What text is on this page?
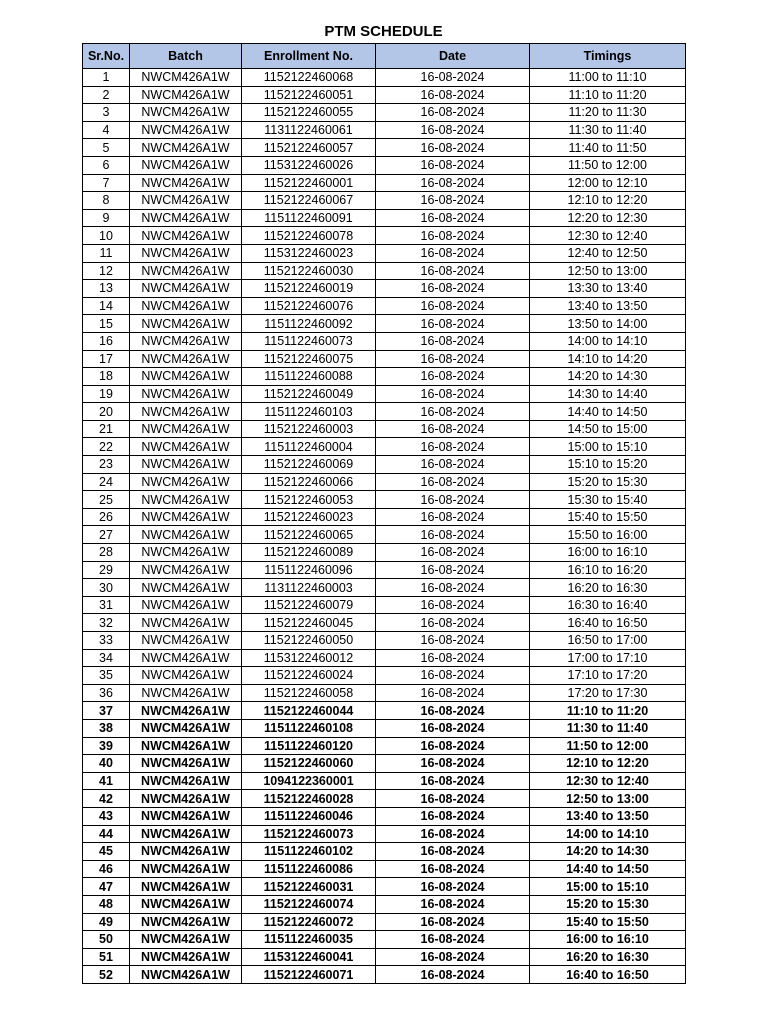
PTM SCHEDULE
Sr.No.	Batch	Enrollment No.	Date	Timings
1	NWCM426A1W	1152122460068	16-08-2024	11:00 to 11:10
2	NWCM426A1W	1152122460051	16-08-2024	11:10 to 11:20
3	NWCM426A1W	1152122460055	16-08-2024	11:20 to 11:30
4	NWCM426A1W	1131122460061	16-08-2024	11:30 to 11:40
5	NWCM426A1W	1152122460057	16-08-2024	11:40 to 11:50
6	NWCM426A1W	1153122460026	16-08-2024	11:50 to 12:00
7	NWCM426A1W	1152122460001	16-08-2024	12:00 to 12:10
8	NWCM426A1W	1152122460067	16-08-2024	12:10 to 12:20
9	NWCM426A1W	1151122460091	16-08-2024	12:20 to 12:30
10	NWCM426A1W	1152122460078	16-08-2024	12:30 to 12:40
11	NWCM426A1W	1153122460023	16-08-2024	12:40 to 12:50
12	NWCM426A1W	1152122460030	16-08-2024	12:50 to 13:00
13	NWCM426A1W	1152122460019	16-08-2024	13:30 to 13:40
14	NWCM426A1W	1152122460076	16-08-2024	13:40 to 13:50
15	NWCM426A1W	1151122460092	16-08-2024	13:50 to 14:00
16	NWCM426A1W	1151122460073	16-08-2024	14:00 to 14:10
17	NWCM426A1W	1152122460075	16-08-2024	14:10 to 14:20
18	NWCM426A1W	1151122460088	16-08-2024	14:20 to 14:30
19	NWCM426A1W	1152122460049	16-08-2024	14:30 to 14:40
20	NWCM426A1W	1151122460103	16-08-2024	14:40 to 14:50
21	NWCM426A1W	1152122460003	16-08-2024	14:50 to 15:00
22	NWCM426A1W	1151122460004	16-08-2024	15:00 to 15:10
23	NWCM426A1W	1152122460069	16-08-2024	15:10 to 15:20
24	NWCM426A1W	1152122460066	16-08-2024	15:20 to 15:30
25	NWCM426A1W	1152122460053	16-08-2024	15:30 to 15:40
26	NWCM426A1W	1152122460023	16-08-2024	15:40 to 15:50
27	NWCM426A1W	1152122460065	16-08-2024	15:50 to 16:00
28	NWCM426A1W	1152122460089	16-08-2024	16:00 to 16:10
29	NWCM426A1W	1151122460096	16-08-2024	16:10 to 16:20
30	NWCM426A1W	1131122460003	16-08-2024	16:20 to 16:30
31	NWCM426A1W	1152122460079	16-08-2024	16:30 to 16:40
32	NWCM426A1W	1152122460045	16-08-2024	16:40 to 16:50
33	NWCM426A1W	1152122460050	16-08-2024	16:50 to 17:00
34	NWCM426A1W	1153122460012	16-08-2024	17:00 to 17:10
35	NWCM426A1W	1152122460024	16-08-2024	17:10 to 17:20
36	NWCM426A1W	1152122460058	16-08-2024	17:20 to 17:30
37	NWCM426A1W	1152122460044	16-08-2024	11:10 to 11:20
38	NWCM426A1W	1151122460108	16-08-2024	11:30 to 11:40
39	NWCM426A1W	1151122460120	16-08-2024	11:50 to 12:00
40	NWCM426A1W	1152122460060	16-08-2024	12:10 to 12:20
41	NWCM426A1W	1094122360001	16-08-2024	12:30 to 12:40
42	NWCM426A1W	1152122460028	16-08-2024	12:50 to 13:00
43	NWCM426A1W	1151122460046	16-08-2024	13:40 to 13:50
44	NWCM426A1W	1152122460073	16-08-2024	14:00 to 14:10
45	NWCM426A1W	1151122460102	16-08-2024	14:20 to 14:30
46	NWCM426A1W	1151122460086	16-08-2024	14:40 to 14:50
47	NWCM426A1W	1152122460031	16-08-2024	15:00 to 15:10
48	NWCM426A1W	1152122460074	16-08-2024	15:20 to 15:30
49	NWCM426A1W	1152122460072	16-08-2024	15:40 to 15:50
50	NWCM426A1W	1151122460035	16-08-2024	16:00 to 16:10
51	NWCM426A1W	1153122460041	16-08-2024	16:20 to 16:30
52	NWCM426A1W	1152122460071	16-08-2024	16:40 to 16:50
